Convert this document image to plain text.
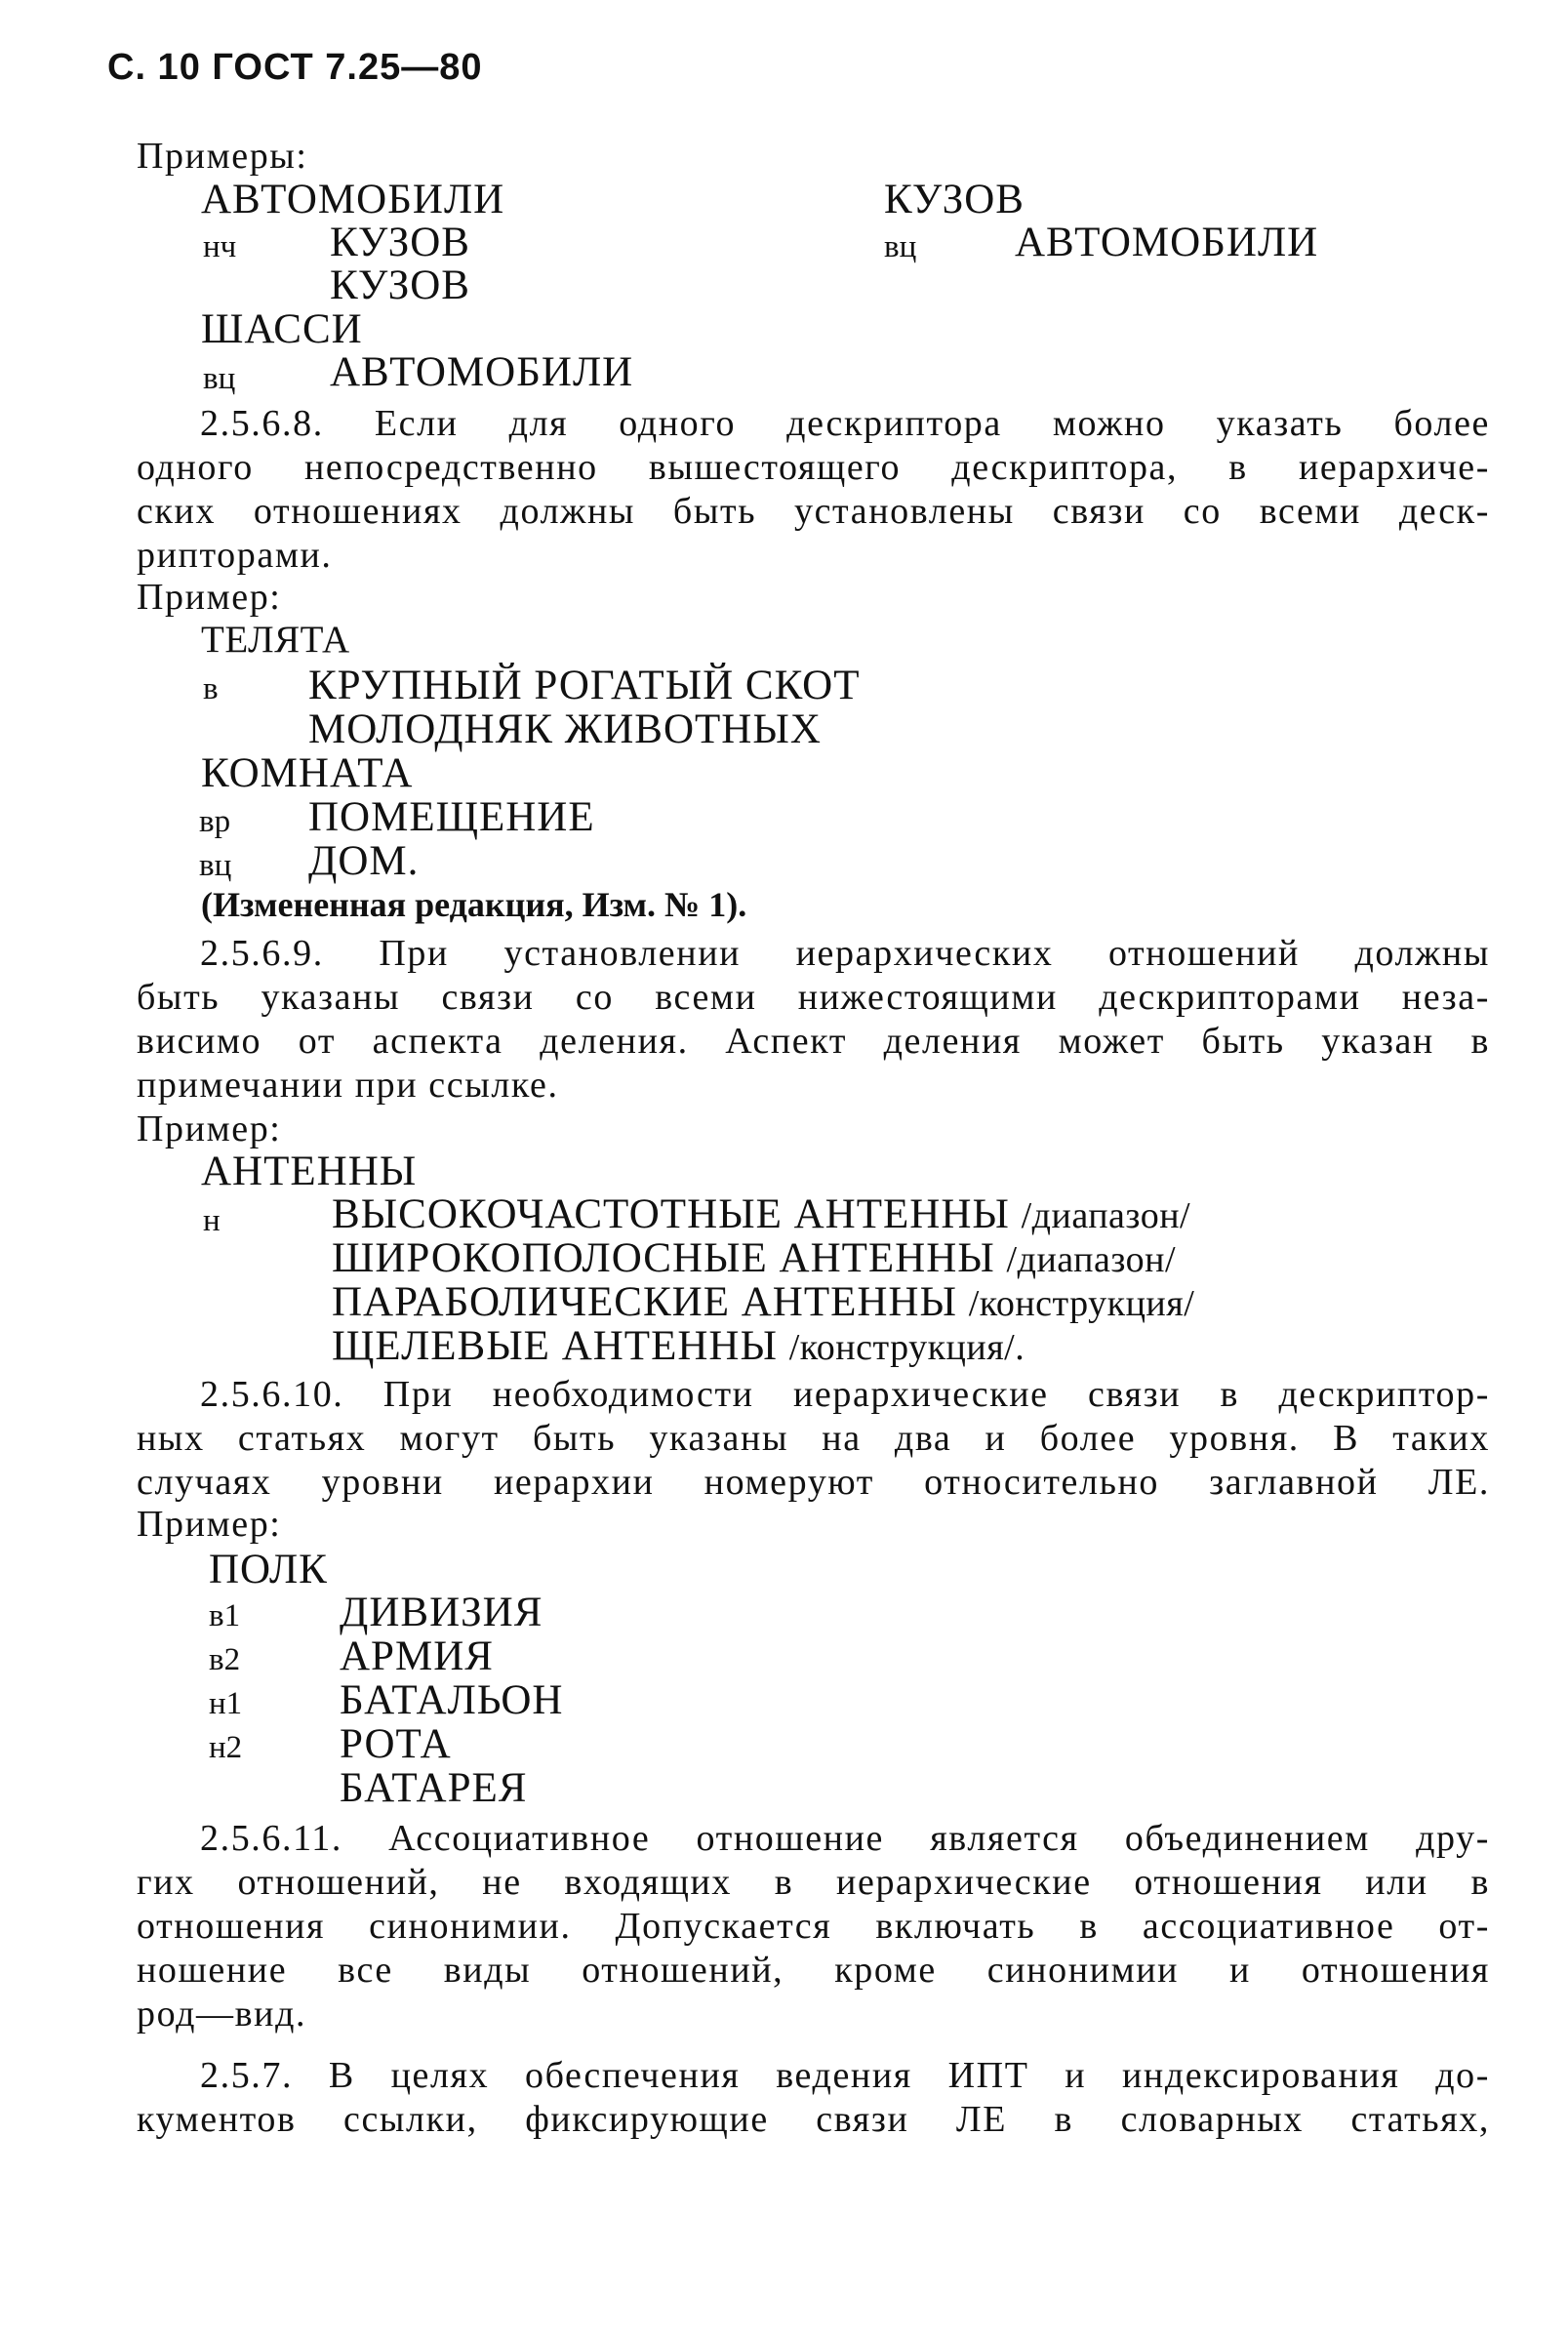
С. 10 ГОСТ 7.25—80
Примеры:
АВТОМОБИЛИ
нч КУЗОВ
КУЗОВ
ШАССИ
вц АВТОМОБИЛИ
КУЗОВ
вц АВТОМОБИЛИ
2.5.6.8. Если для одного дескриптора можно указать более
одного непосредственно вышестоящего дескриптора, в иерархиче-
ских отношениях должны быть установлены связи со всеми деск-
рипторами.
Пример:
ТЕЛЯТА
в КРУПНЫЙ РОГАТЫЙ СКОТ
МОЛОДНЯК ЖИВОТНЫХ
КОМНАТА
вр ПОМЕЩЕНИЕ
вц ДОМ.
(Измененная редакция, Изм. № 1).
2.5.6.9. При установлении иерархических отношений должны
быть указаны связи со всеми нижестоящими дескрипторами неза-
висимо от аспекта деления. Аспект деления может быть указан в
примечании при ссылке.
Пример:
АНТЕННЫ
н	ВЫСОКОЧАСТОТНЫЕ АНТЕННЫ /диапазон/
ШИРОКОПОЛОСНЫЕ АНТЕННЫ /диапазон/
ПАРАБОЛИЧЕСКИЕ АНТЕННЫ /конструкция/
ЩЕЛЕВЫЕ АНТЕННЫ /конструкция/.
2.5.6.10. При необходимости иерархические связи в дескриптор-
ных статьях могут быть указаны на два и более уровня. В таких
случаях уровни иерархии номеруют относительно заглавной ЛЕ.
Пример:
ПОЛК
в1 ДИВИЗИЯ
в2 АРМИЯ
н1 БАТАЛЬОН
н2 РОТА
БАТАРЕЯ
2.5.6.11. Ассоциативное отношение является объединением дру-
гих отношений, не входящих в иерархические отношения или в
отношения синонимии. Допускается включать в ассоциативное от-
ношение все виды отношений, кроме синонимии и отношения
род—вид.
2.5.7. В целях обеспечения ведения ИПТ и индексирования до-
кументов ссылки, фиксирующие связи ЛЕ в словарных статьях,
